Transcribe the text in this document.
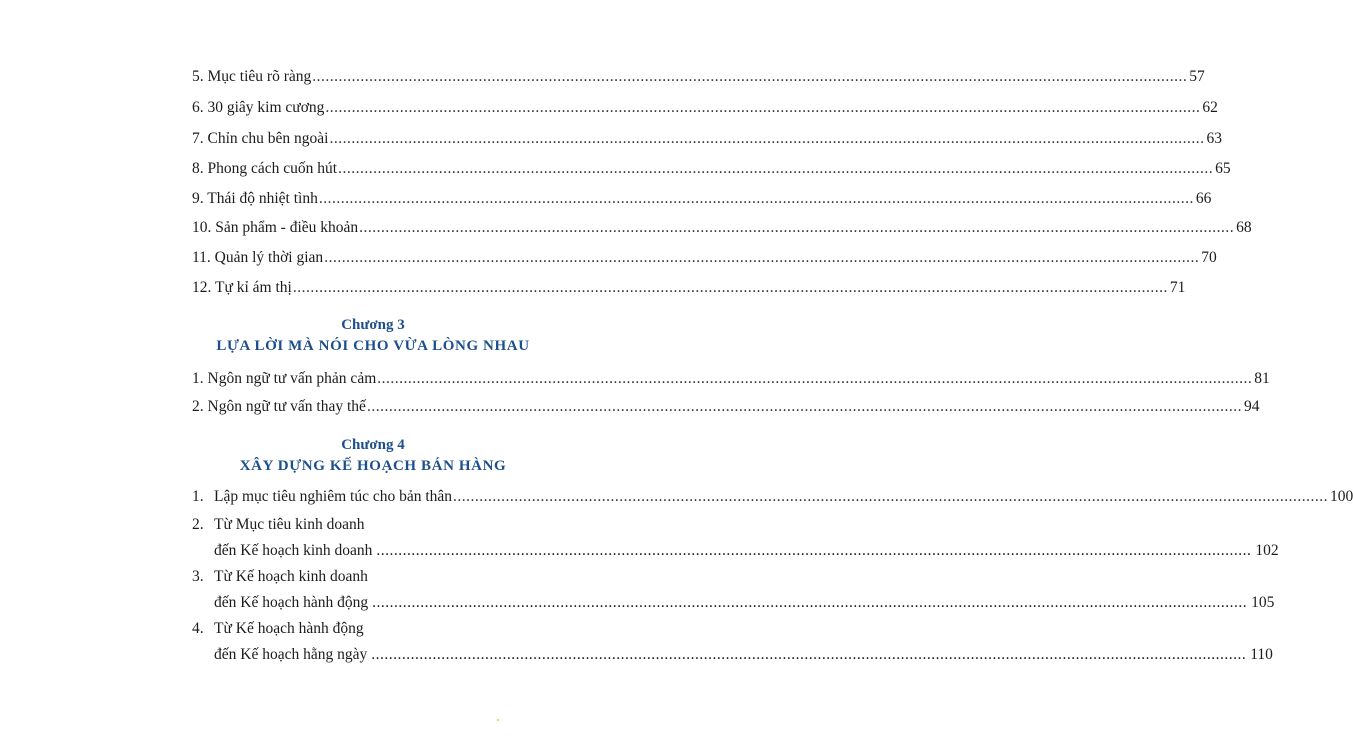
5. Mục tiêu rõ ràng ........................................................................................................................................................................................................ 57
6. 30 giây kim cương ........................................................................................................................................................................................................ 62
7. Chỉn chu bên ngoài ........................................................................................................................................................................................................ 63
8. Phong cách cuốn hút ........................................................................................................................................................................................................ 65
9. Thái độ nhiệt tình ........................................................................................................................................................................................................ 66
10. Sản phẩm - điều khoản ........................................................................................................................................................................................................ 68
11. Quản lý thời gian ........................................................................................................................................................................................................ 70
12. Tự kỉ ám thị ........................................................................................................................................................................................................ 71
Chương 3
LỰA LỜI MÀ NÓI CHO VỪA LÒNG NHAU
1. Ngôn ngữ tư vấn phản cảm ........................................................................................................................................................................................................ 81
2. Ngôn ngữ tư vấn thay thế ........................................................................................................................................................................................................ 94
Chương 4
XÂY DỰNG KẾ HOẠCH BÁN HÀNG
1. Lập mục tiêu nghiêm túc cho bản thân ........................................................................................................................................................................................................ 100
2. Từ Mục tiêu kinh doanh
đến Kế hoạch kinh doanh ........................................................................................................................................................................................................ 102
3. Từ Kế hoạch kinh doanh
đến Kế hoạch hành động ........................................................................................................................................................................................................ 105
4. Từ Kế hoạch hành động
đến Kế hoạch hằng ngày ........................................................................................................................................................................................................ 110
